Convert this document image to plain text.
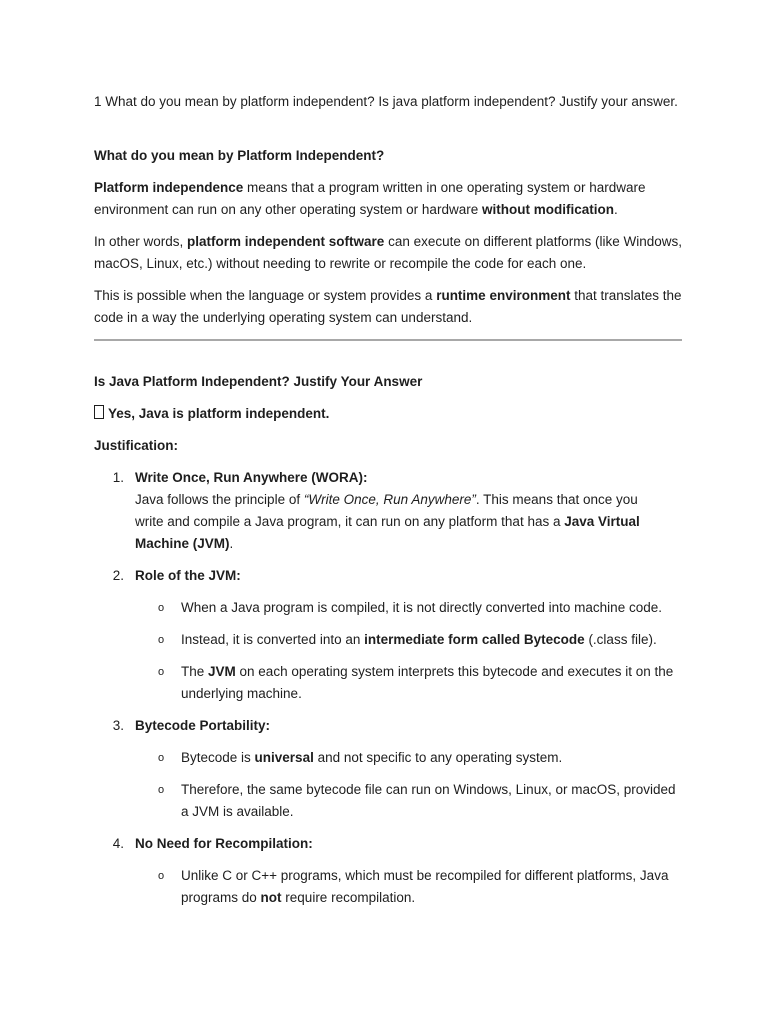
1 What do you mean by platform independent? Is java platform independent? Justify your answer.

What do you mean by Platform Independent?

Platform independence means that a program written in one operating system or hardware environment can run on any other operating system or hardware without modification.

In other words, platform independent software can execute on different platforms (like Windows, macOS, Linux, etc.) without needing to rewrite or recompile the code for each one.

This is possible when the language or system provides a runtime environment that translates the code in a way the underlying operating system can understand.

Is Java Platform Independent? Justify Your Answer

Yes, Java is platform independent.

Justification:

1. Write Once, Run Anywhere (WORA):
Java follows the principle of “Write Once, Run Anywhere”. This means that once you write and compile a Java program, it can run on any platform that has a Java Virtual Machine (JVM).
2. Role of the JVM:
o When a Java program is compiled, it is not directly converted into machine code.
o Instead, it is converted into an intermediate form called Bytecode (.class file).
o The JVM on each operating system interprets this bytecode and executes it on the underlying machine.
3. Bytecode Portability:
o Bytecode is universal and not specific to any operating system.
o Therefore, the same bytecode file can run on Windows, Linux, or macOS, provided a JVM is available.
4. No Need for Recompilation:
o Unlike C or C++ programs, which must be recompiled for different platforms, Java programs do not require recompilation.
